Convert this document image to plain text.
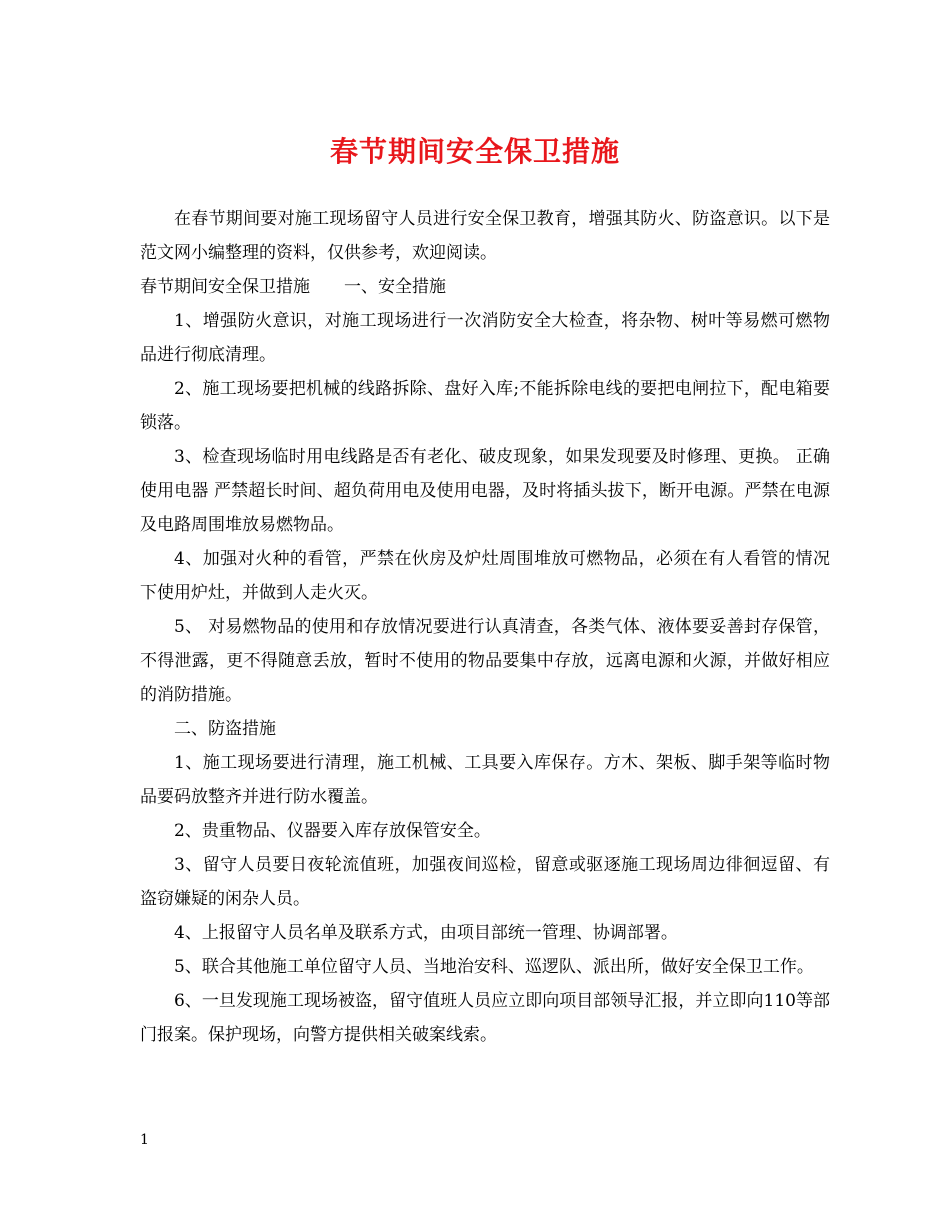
春节期间安全保卫措施

在春节期间要对施工现场留守人员进行安全保卫教育，增强其防火、防盗意识。以下是范文网小编整理的资料，仅供参考，欢迎阅读。

春节期间安全保卫措施 一、安全措施

1、增强防火意识，对施工现场进行一次消防安全大检查，将杂物、树叶等易燃可燃物品进行彻底清理。

2、施工现场要把机械的线路拆除、盘好入库;不能拆除电线的要把电闸拉下，配电箱要锁落。

3、检查现场临时用电线路是否有老化、破皮现象，如果发现要及时修理、更换。 正确使用电器 严禁超长时间、超负荷用电及使用电器，及时将插头拔下，断开电源。严禁在电源及电路周围堆放易燃物品。

4、加强对火种的看管，严禁在伙房及炉灶周围堆放可燃物品，必须在有人看管的情况下使用炉灶，并做到人走火灭。

5、 对易燃物品的使用和存放情况要进行认真清查，各类气体、液体要妥善封存保管，不得泄露，更不得随意丢放，暂时不使用的物品要集中存放，远离电源和火源，并做好相应的消防措施。

二、防盗措施

1、施工现场要进行清理，施工机械、工具要入库保存。方木、架板、脚手架等临时物品要码放整齐并进行防水覆盖。

2、贵重物品、仪器要入库存放保管安全。

3、留守人员要日夜轮流值班，加强夜间巡检，留意或驱逐施工现场周边徘徊逗留、有盗窃嫌疑的闲杂人员。

4、上报留守人员名单及联系方式，由项目部统一管理、协调部署。

5、联合其他施工单位留守人员、当地治安科、巡逻队、派出所，做好安全保卫工作。

6、一旦发现施工现场被盗，留守值班人员应立即向项目部领导汇报，并立即向110等部门报案。保护现场，向警方提供相关破案线索。

1
